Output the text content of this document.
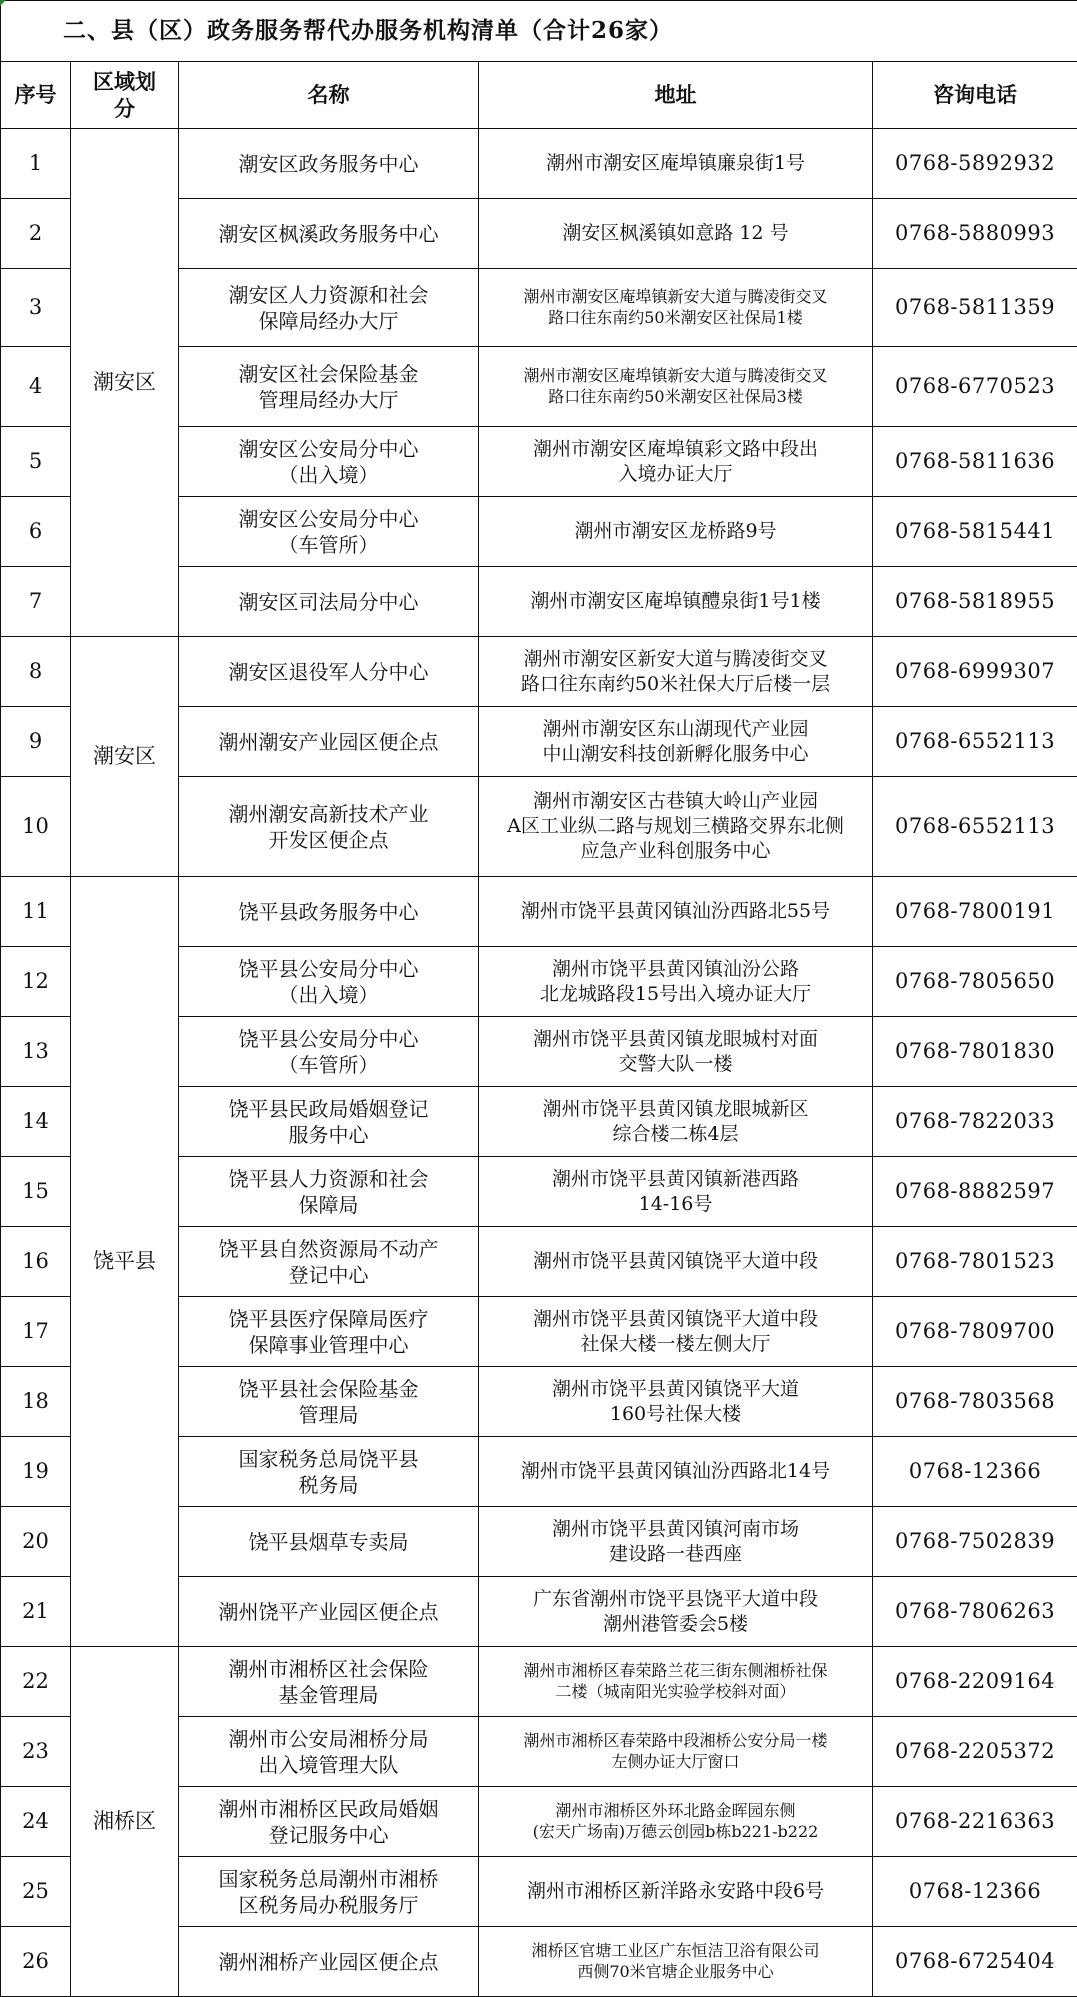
二、县（区）政务服务帮代办服务机构清单（合计26家）				
序号	区域划分	名称	地址	咨询电话
1	潮安区	潮安区政务服务中心	潮州市潮安区庵埠镇廉泉街1号	0768-5892932
2		潮安区枫溪政务服务中心	潮安区枫溪镇如意路 12 号	0768-5880993
3		潮安区人力资源和社会
保障局经办大厅	潮州市潮安区庵埠镇新安大道与腾凌街交叉
路口往东南约50米潮安区社保局1楼	0768-5811359
4		潮安区社会保险基金
管理局经办大厅	潮州市潮安区庵埠镇新安大道与腾凌街交叉
路口往东南约50米潮安区社保局3楼	0768-6770523
5		潮安区公安局分中心
（出入境）	潮州市潮安区庵埠镇彩文路中段出
入境办证大厅	0768-5811636
6		潮安区公安局分中心
（车管所）	潮州市潮安区龙桥路9号	0768-5815441
7		潮安区司法局分中心	潮州市潮安区庵埠镇醴泉街1号1楼	0768-5818955
8	潮安区	潮安区退役军人分中心	潮州市潮安区新安大道与腾凌街交叉
路口往东南约50米社保大厅后楼一层	0768-6999307
9		潮州潮安产业园区便企点	潮州市潮安区东山湖现代产业园
中山潮安科技创新孵化服务中心	0768-6552113
10		潮州潮安高新技术产业
开发区便企点	潮州市潮安区古巷镇大岭山产业园
A区工业纵二路与规划三横路交界东北侧
应急产业科创服务中心	0768-6552113
11	饶平县	饶平县政务服务中心	潮州市饶平县黄冈镇汕汾西路北55号	0768-7800191
12		饶平县公安局分中心
（出入境）	潮州市饶平县黄冈镇汕汾公路
北龙城路段15号出入境办证大厅	0768-7805650
13		饶平县公安局分中心
（车管所）	潮州市饶平县黄冈镇龙眼城村对面
交警大队一楼	0768-7801830
14		饶平县民政局婚姻登记
服务中心	潮州市饶平县黄冈镇龙眼城新区
综合楼二栋4层	0768-7822033
15		饶平县人力资源和社会
保障局	潮州市饶平县黄冈镇新港西路
14-16号	0768-8882597
16		饶平县自然资源局不动产
登记中心	潮州市饶平县黄冈镇饶平大道中段	0768-7801523
17		饶平县医疗保障局医疗
保障事业管理中心	潮州市饶平县黄冈镇饶平大道中段
社保大楼一楼左侧大厅	0768-7809700
18		饶平县社会保险基金
管理局	潮州市饶平县黄冈镇饶平大道
160号社保大楼	0768-7803568
19		国家税务总局饶平县
税务局	潮州市饶平县黄冈镇汕汾西路北14号	0768-12366
20		饶平县烟草专卖局	潮州市饶平县黄冈镇河南市场
建设路一巷西座	0768-7502839
21		潮州饶平产业园区便企点	广东省潮州市饶平县饶平大道中段
潮州港管委会5楼	0768-7806263
22	湘桥区	潮州市湘桥区社会保险
基金管理局	潮州市湘桥区春荣路兰花三街东侧湘桥社保
二楼（城南阳光实验学校斜对面）	0768-2209164
23		潮州市公安局湘桥分局
出入境管理大队	潮州市湘桥区春荣路中段湘桥公安分局一楼
左侧办证大厅窗口	0768-2205372
24		潮州市湘桥区民政局婚姻
登记服务中心	潮州市湘桥区外环北路金晖园东侧
(宏天广场南)万德云创园b栋b221-b222	0768-2216363
25		国家税务总局潮州市湘桥
区税务局办税服务厅	潮州市湘桥区新洋路永安路中段6号	0768-12366
26		潮州湘桥产业园区便企点	湘桥区官塘工业区广东恒洁卫浴有限公司
西侧70米官塘企业服务中心	0768-6725404
